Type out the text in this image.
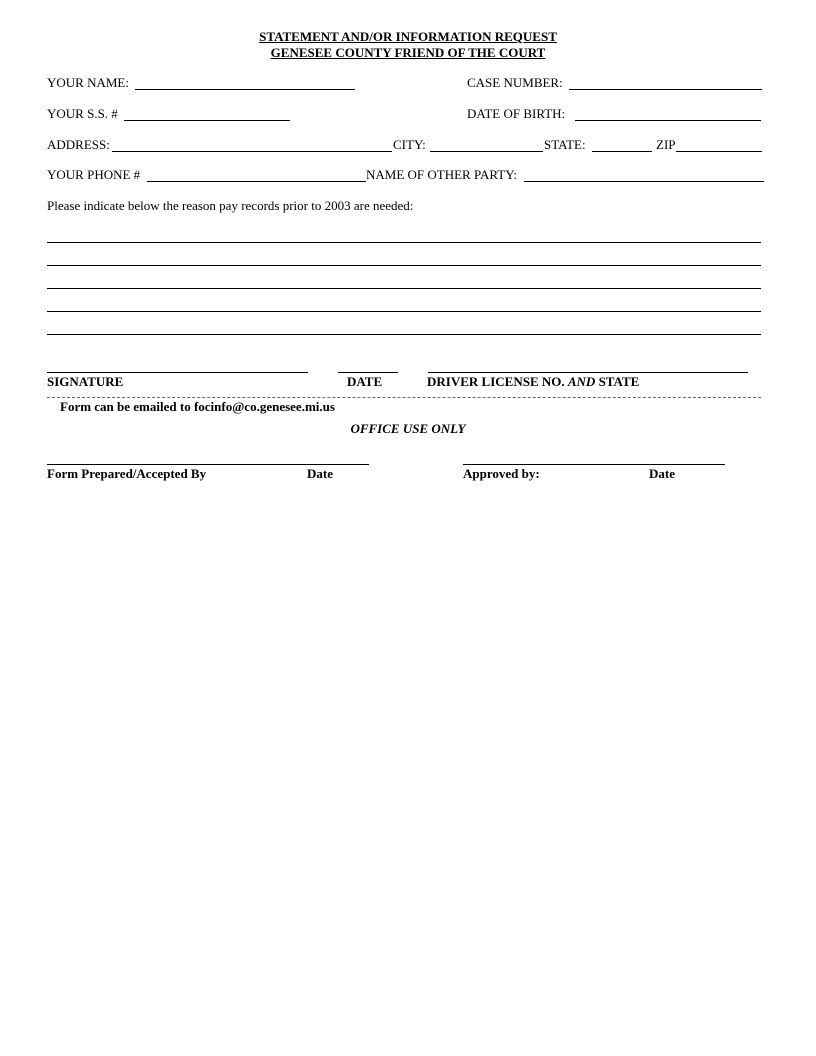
STATEMENT AND/OR INFORMATION REQUEST
GENESEE COUNTY FRIEND OF THE COURT
YOUR NAME:	CASE NUMBER:
YOUR S.S. #	DATE OF BIRTH:
ADDRESS:	CITY:	STATE:	ZIP
YOUR PHONE #	NAME OF OTHER PARTY:
Please indicate below the reason pay records prior to 2003 are needed:
SIGNATURE	DATE	DRIVER LICENSE NO. AND STATE
Form can be emailed to focinfo@co.genesee.mi.us
OFFICE USE ONLY
Form Prepared/Accepted By	Date	Approved by:	Date
